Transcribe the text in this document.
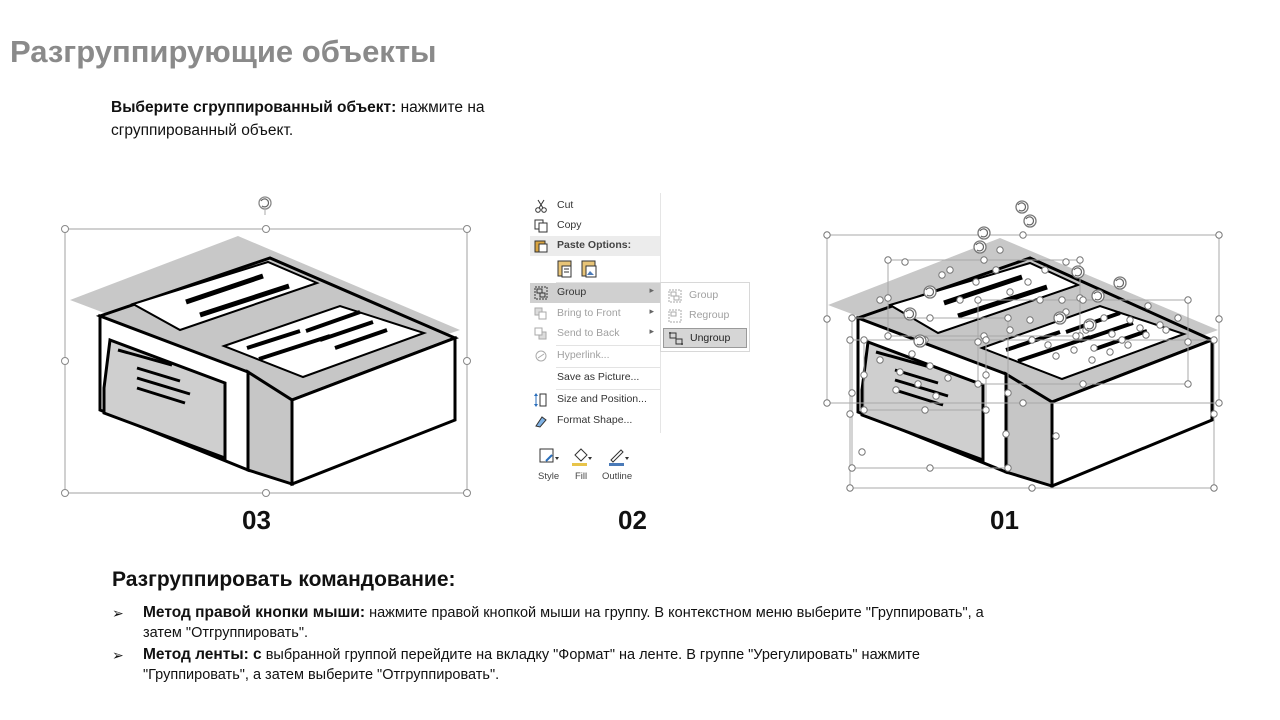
Разгруппирующие объекты
Выберите сгруппированный объект: нажмите на сгруппированный объект.
03
Cut
Copy
Paste Options:
Group	▸
Bring to Front	▸
Send to Back	▸
Hyperlink...
Save as Picture...
Size and Position...
Format Shape...
Group
Regroup
Ungroup
Style Fill Outline
02	01
Разгруппировать командование:
➢ Метод правой кнопки мыши: нажмите правой кнопкой мыши на группу. В контекстном меню выберите "Группировать", а затем "Отгруппировать".
➢ Метод ленты: с выбранной группой перейдите на вкладку "Формат" на ленте. В группе "Урегулировать" нажмите "Группировать", а затем выберите "Отгруппировать".
